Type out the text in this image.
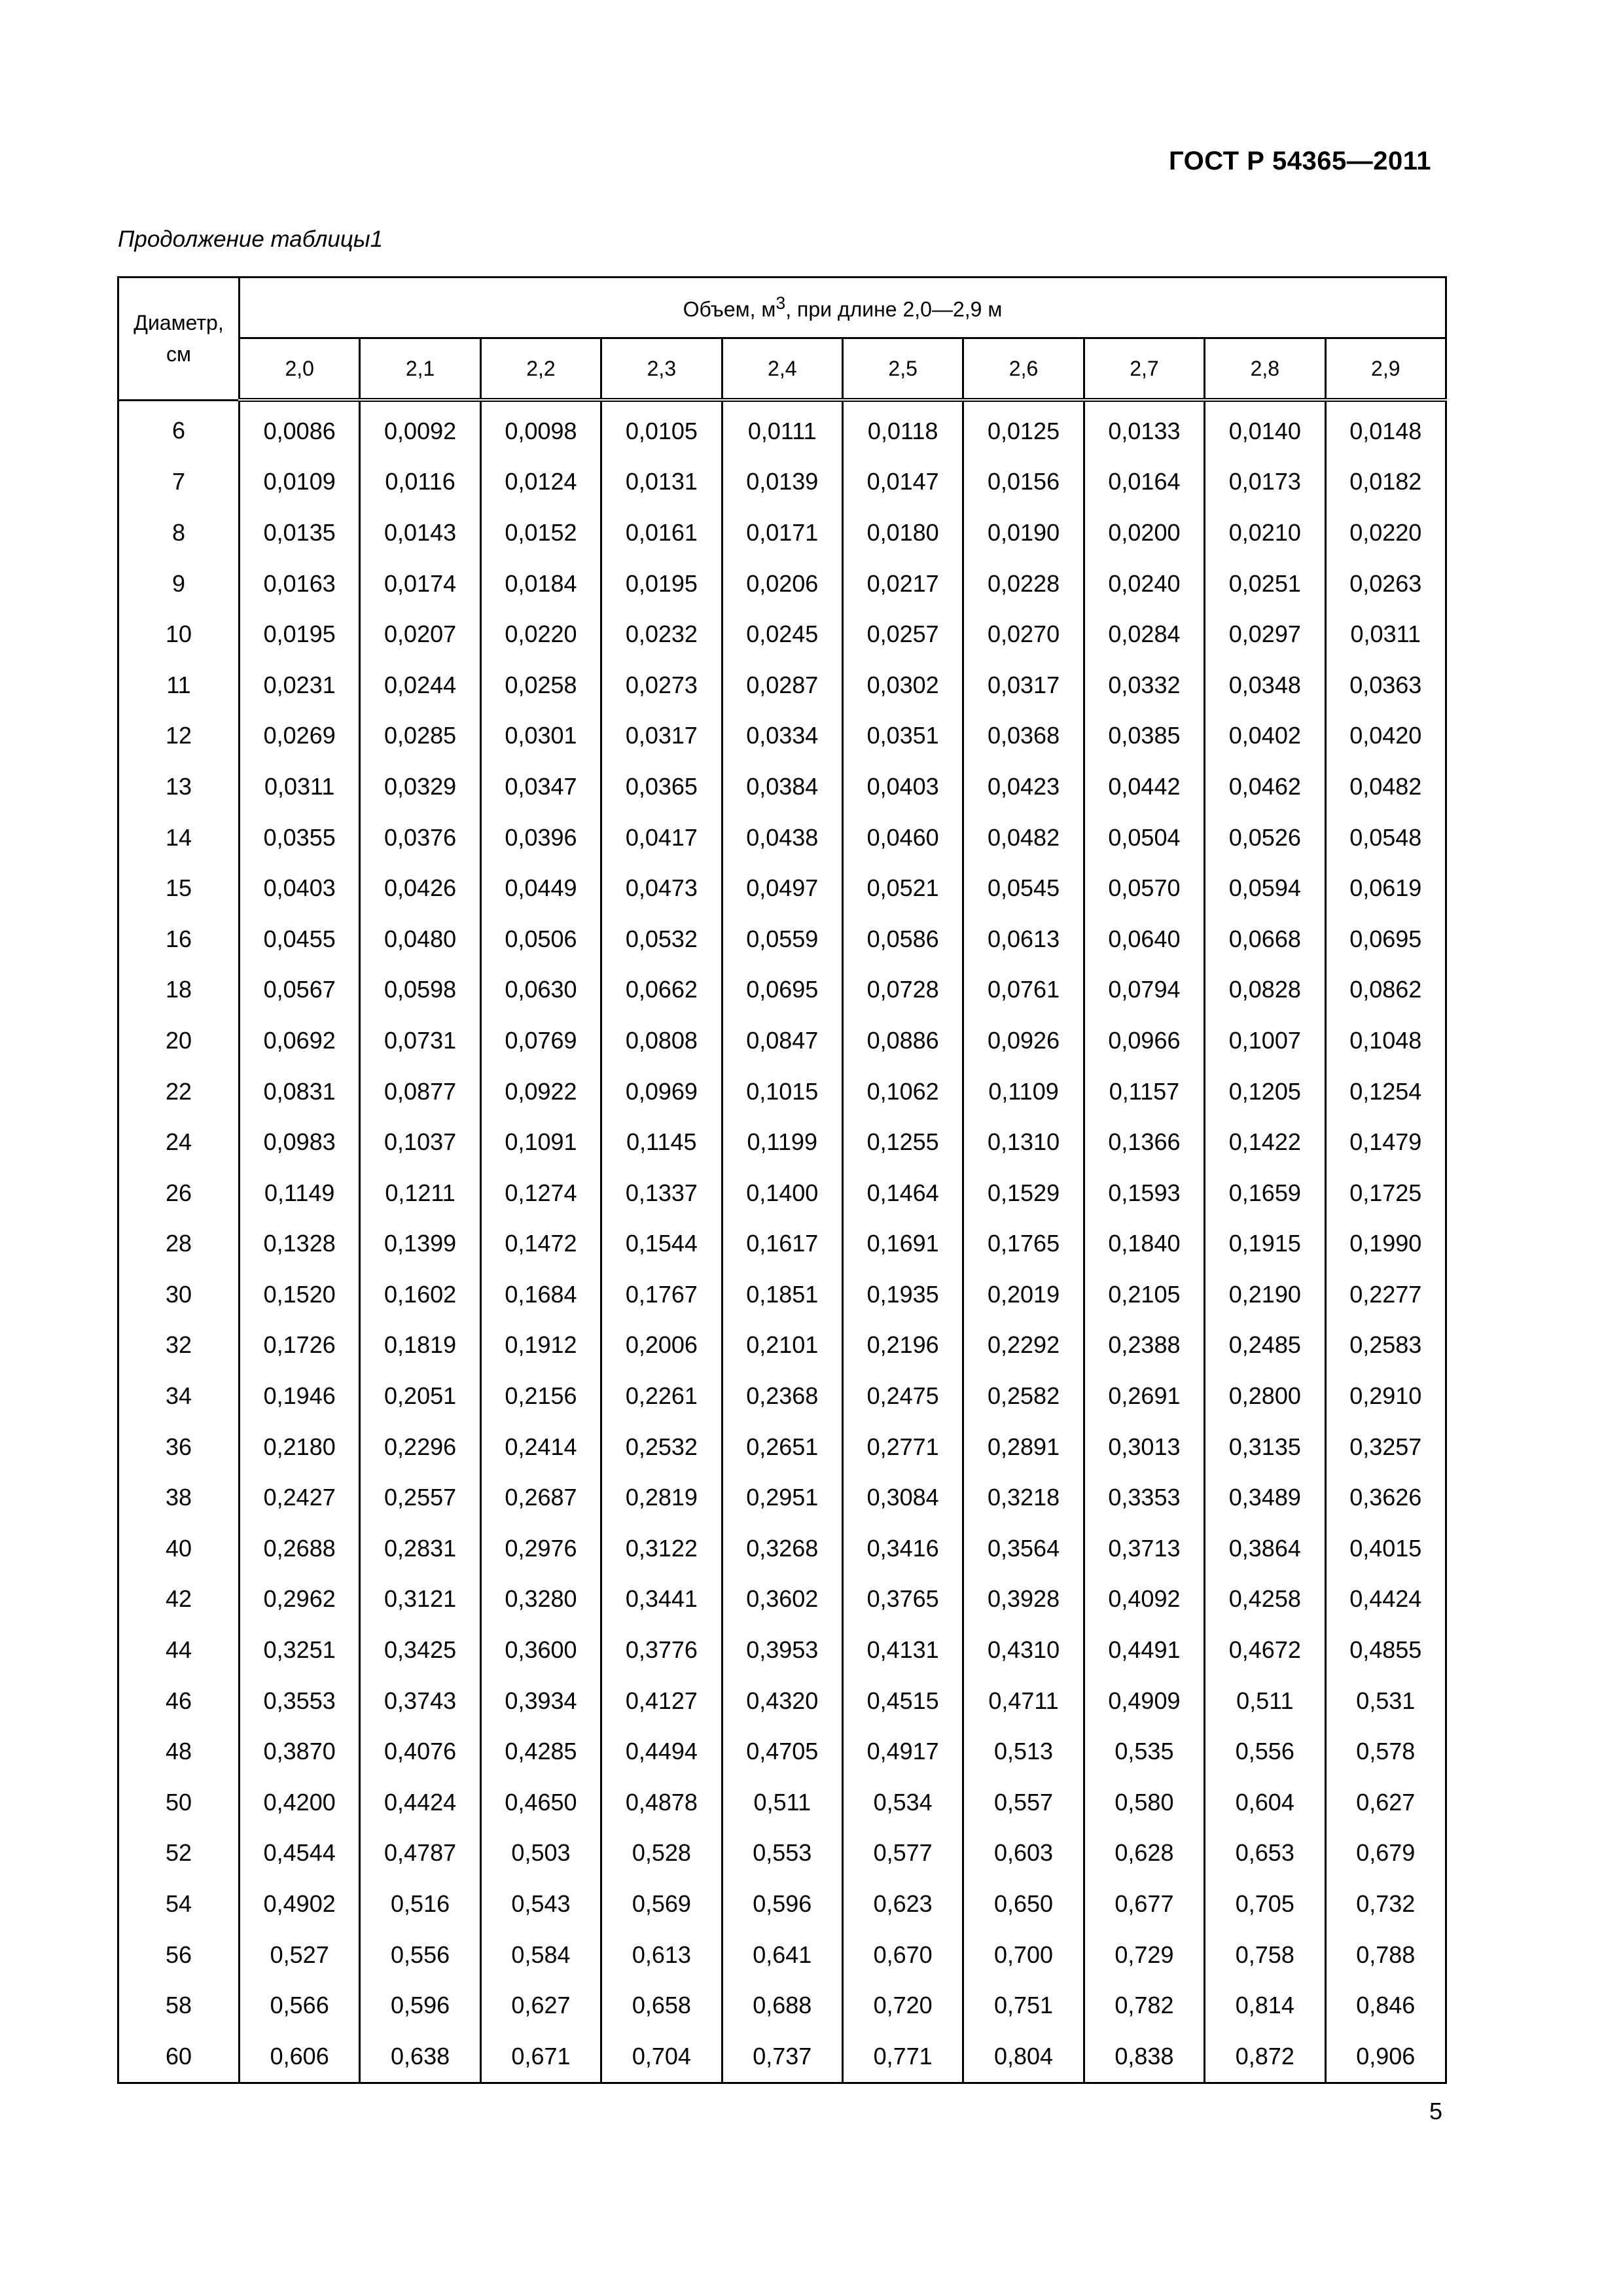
ГОСТ Р 54365—2011
Продолжение таблицы1
Диаметр,
см	Объем, $м^3$, при длине 2,0—2,9 м									
	2,0	2,1	2,2	2,3	2,4	2,5	2,6	2,7	2,8	2,9
6	0,0086	0,0092	0,0098	0,0105	0,0111	0,0118	0,0125	0,0133	0,0140	0,0148
7	0,0109	0,0116	0,0124	0,0131	0,0139	0,0147	0,0156	0,0164	0,0173	0,0182
8	0,0135	0,0143	0,0152	0,0161	0,0171	0,0180	0,0190	0,0200	0,0210	0,0220
9	0,0163	0,0174	0,0184	0,0195	0,0206	0,0217	0,0228	0,0240	0,0251	0,0263
10	0,0195	0,0207	0,0220	0,0232	0,0245	0,0257	0,0270	0,0284	0,0297	0,0311
11	0,0231	0,0244	0,0258	0,0273	0,0287	0,0302	0,0317	0,0332	0,0348	0,0363
12	0,0269	0,0285	0,0301	0,0317	0,0334	0,0351	0,0368	0,0385	0,0402	0,0420
13	0,0311	0,0329	0,0347	0,0365	0,0384	0,0403	0,0423	0,0442	0,0462	0,0482
14	0,0355	0,0376	0,0396	0,0417	0,0438	0,0460	0,0482	0,0504	0,0526	0,0548
15	0,0403	0,0426	0,0449	0,0473	0,0497	0,0521	0,0545	0,0570	0,0594	0,0619
16	0,0455	0,0480	0,0506	0,0532	0,0559	0,0586	0,0613	0,0640	0,0668	0,0695
18	0,0567	0,0598	0,0630	0,0662	0,0695	0,0728	0,0761	0,0794	0,0828	0,0862
20	0,0692	0,0731	0,0769	0,0808	0,0847	0,0886	0,0926	0,0966	0,1007	0,1048
22	0,0831	0,0877	0,0922	0,0969	0,1015	0,1062	0,1109	0,1157	0,1205	0,1254
24	0,0983	0,1037	0,1091	0,1145	0,1199	0,1255	0,1310	0,1366	0,1422	0,1479
26	0,1149	0,1211	0,1274	0,1337	0,1400	0,1464	0,1529	0,1593	0,1659	0,1725
28	0,1328	0,1399	0,1472	0,1544	0,1617	0,1691	0,1765	0,1840	0,1915	0,1990
30	0,1520	0,1602	0,1684	0,1767	0,1851	0,1935	0,2019	0,2105	0,2190	0,2277
32	0,1726	0,1819	0,1912	0,2006	0,2101	0,2196	0,2292	0,2388	0,2485	0,2583
34	0,1946	0,2051	0,2156	0,2261	0,2368	0,2475	0,2582	0,2691	0,2800	0,2910
36	0,2180	0,2296	0,2414	0,2532	0,2651	0,2771	0,2891	0,3013	0,3135	0,3257
38	0,2427	0,2557	0,2687	0,2819	0,2951	0,3084	0,3218	0,3353	0,3489	0,3626
40	0,2688	0,2831	0,2976	0,3122	0,3268	0,3416	0,3564	0,3713	0,3864	0,4015
42	0,2962	0,3121	0,3280	0,3441	0,3602	0,3765	0,3928	0,4092	0,4258	0,4424
44	0,3251	0,3425	0,3600	0,3776	0,3953	0,4131	0,4310	0,4491	0,4672	0,4855
46	0,3553	0,3743	0,3934	0,4127	0,4320	0,4515	0,4711	0,4909	0,511	0,531
48	0,3870	0,4076	0,4285	0,4494	0,4705	0,4917	0,513	0,535	0,556	0,578
50	0,4200	0,4424	0,4650	0,4878	0,511	0,534	0,557	0,580	0,604	0,627
52	0,4544	0,4787	0,503	0,528	0,553	0,577	0,603	0,628	0,653	0,679
54	0,4902	0,516	0,543	0,569	0,596	0,623	0,650	0,677	0,705	0,732
56	0,527	0,556	0,584	0,613	0,641	0,670	0,700	0,729	0,758	0,788
58	0,566	0,596	0,627	0,658	0,688	0,720	0,751	0,782	0,814	0,846
60	0,606	0,638	0,671	0,704	0,737	0,771	0,804	0,838	0,872	0,906
5
